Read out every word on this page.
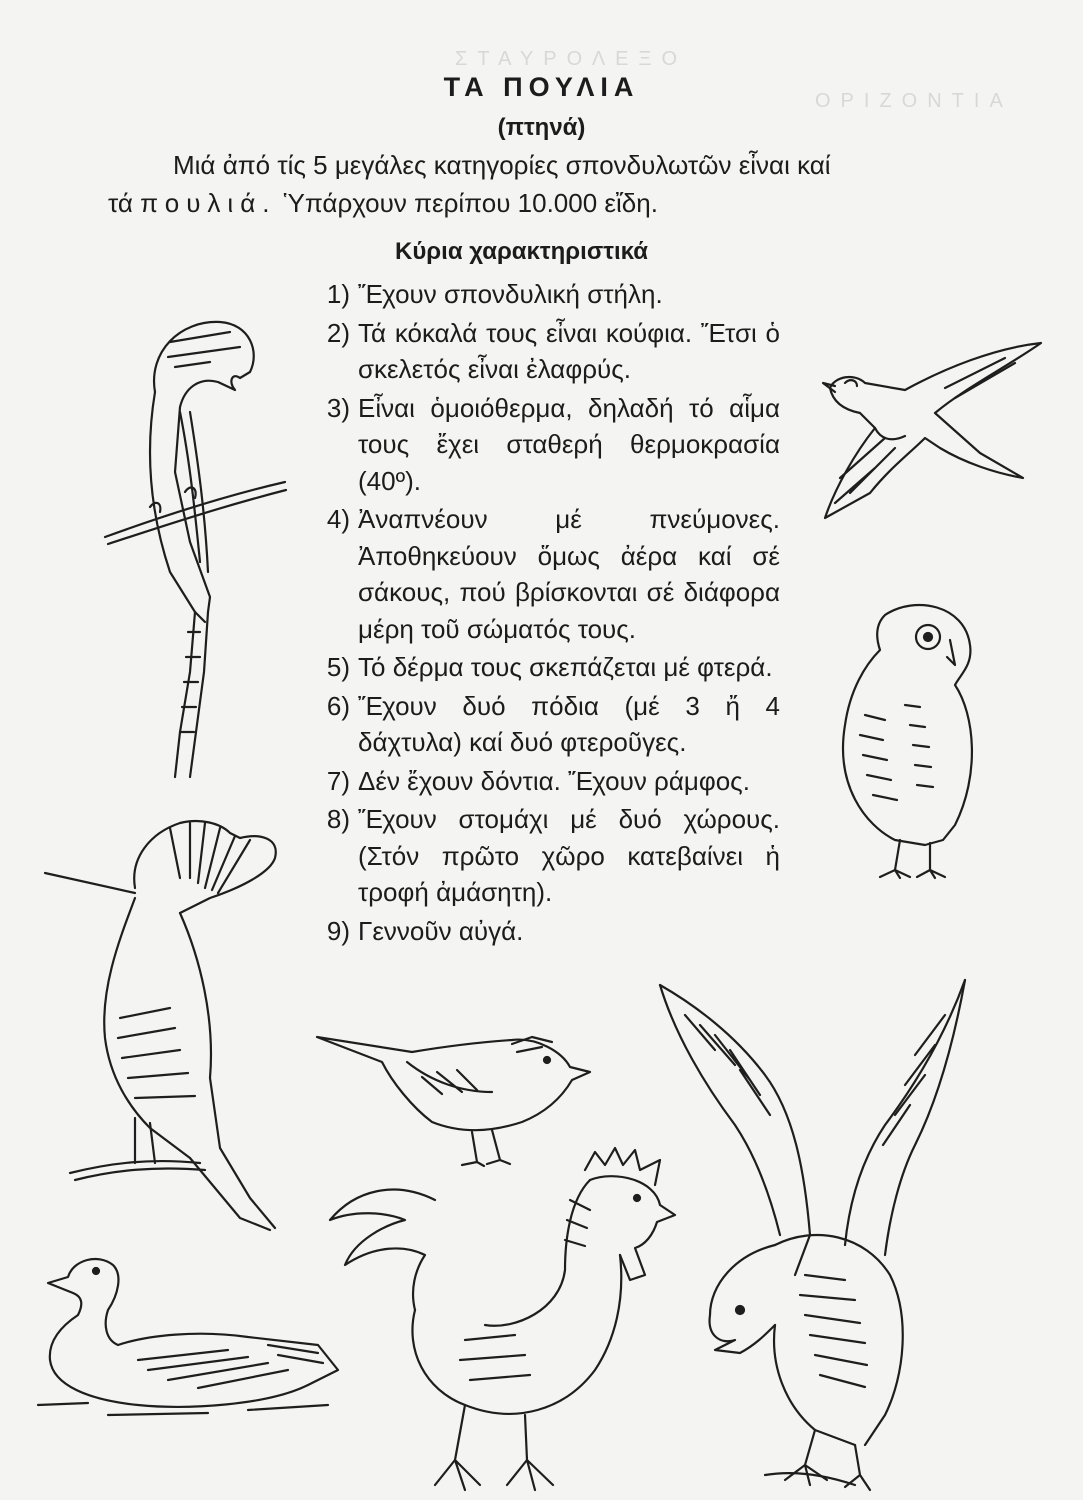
ΣΤΑΥΡΟΛΕΞΟ
ΟΡΙΖΟΝΤΙΑ
ΤΑ ΠΟΥΛΙΑ
(πτηνά)
Μιά ἀπό τίς 5 μεγάλες κατηγορίες σπονδυλωτῶν εἶναι καί
τά πουλιά. Ὑπάρχουν περίπου 10.000 εἴδη.
Κύρια χαρακτηριστικά
1) Ἔχουν σπονδυλική στήλη.
2) Τά κόκαλά τους εἶναι κούφια. Ἔτσι ὁ σκελετός εἶναι ἐλαφρύς.
3) Εἶναι ὁμοιόθερμα, δηλαδή τό αἷμα τους ἔχει σταθερή θερμοκρασία (40º).
4) Ἀναπνέουν μέ πνεύμονες. Ἀποθηκεύουν ὅμως ἀέρα καί σέ σάκους, πού βρίσκονται σέ διάφορα μέρη τοῦ σώματός τους.
5) Τό δέρμα τους σκεπάζεται μέ φτερά.
6) Ἔχουν δυό πόδια (μέ 3 ἤ 4 δάχτυλα) καί δυό φτεροῦγες.
7) Δέν ἔχουν δόντια. Ἔχουν ράμφος.
8) Ἔχουν στομάχι μέ δυό χώρους. (Στόν πρῶτο χῶρο κατεβαίνει ἡ τροφή ἀμάσητη).
9) Γεννοῦν αὐγά.
